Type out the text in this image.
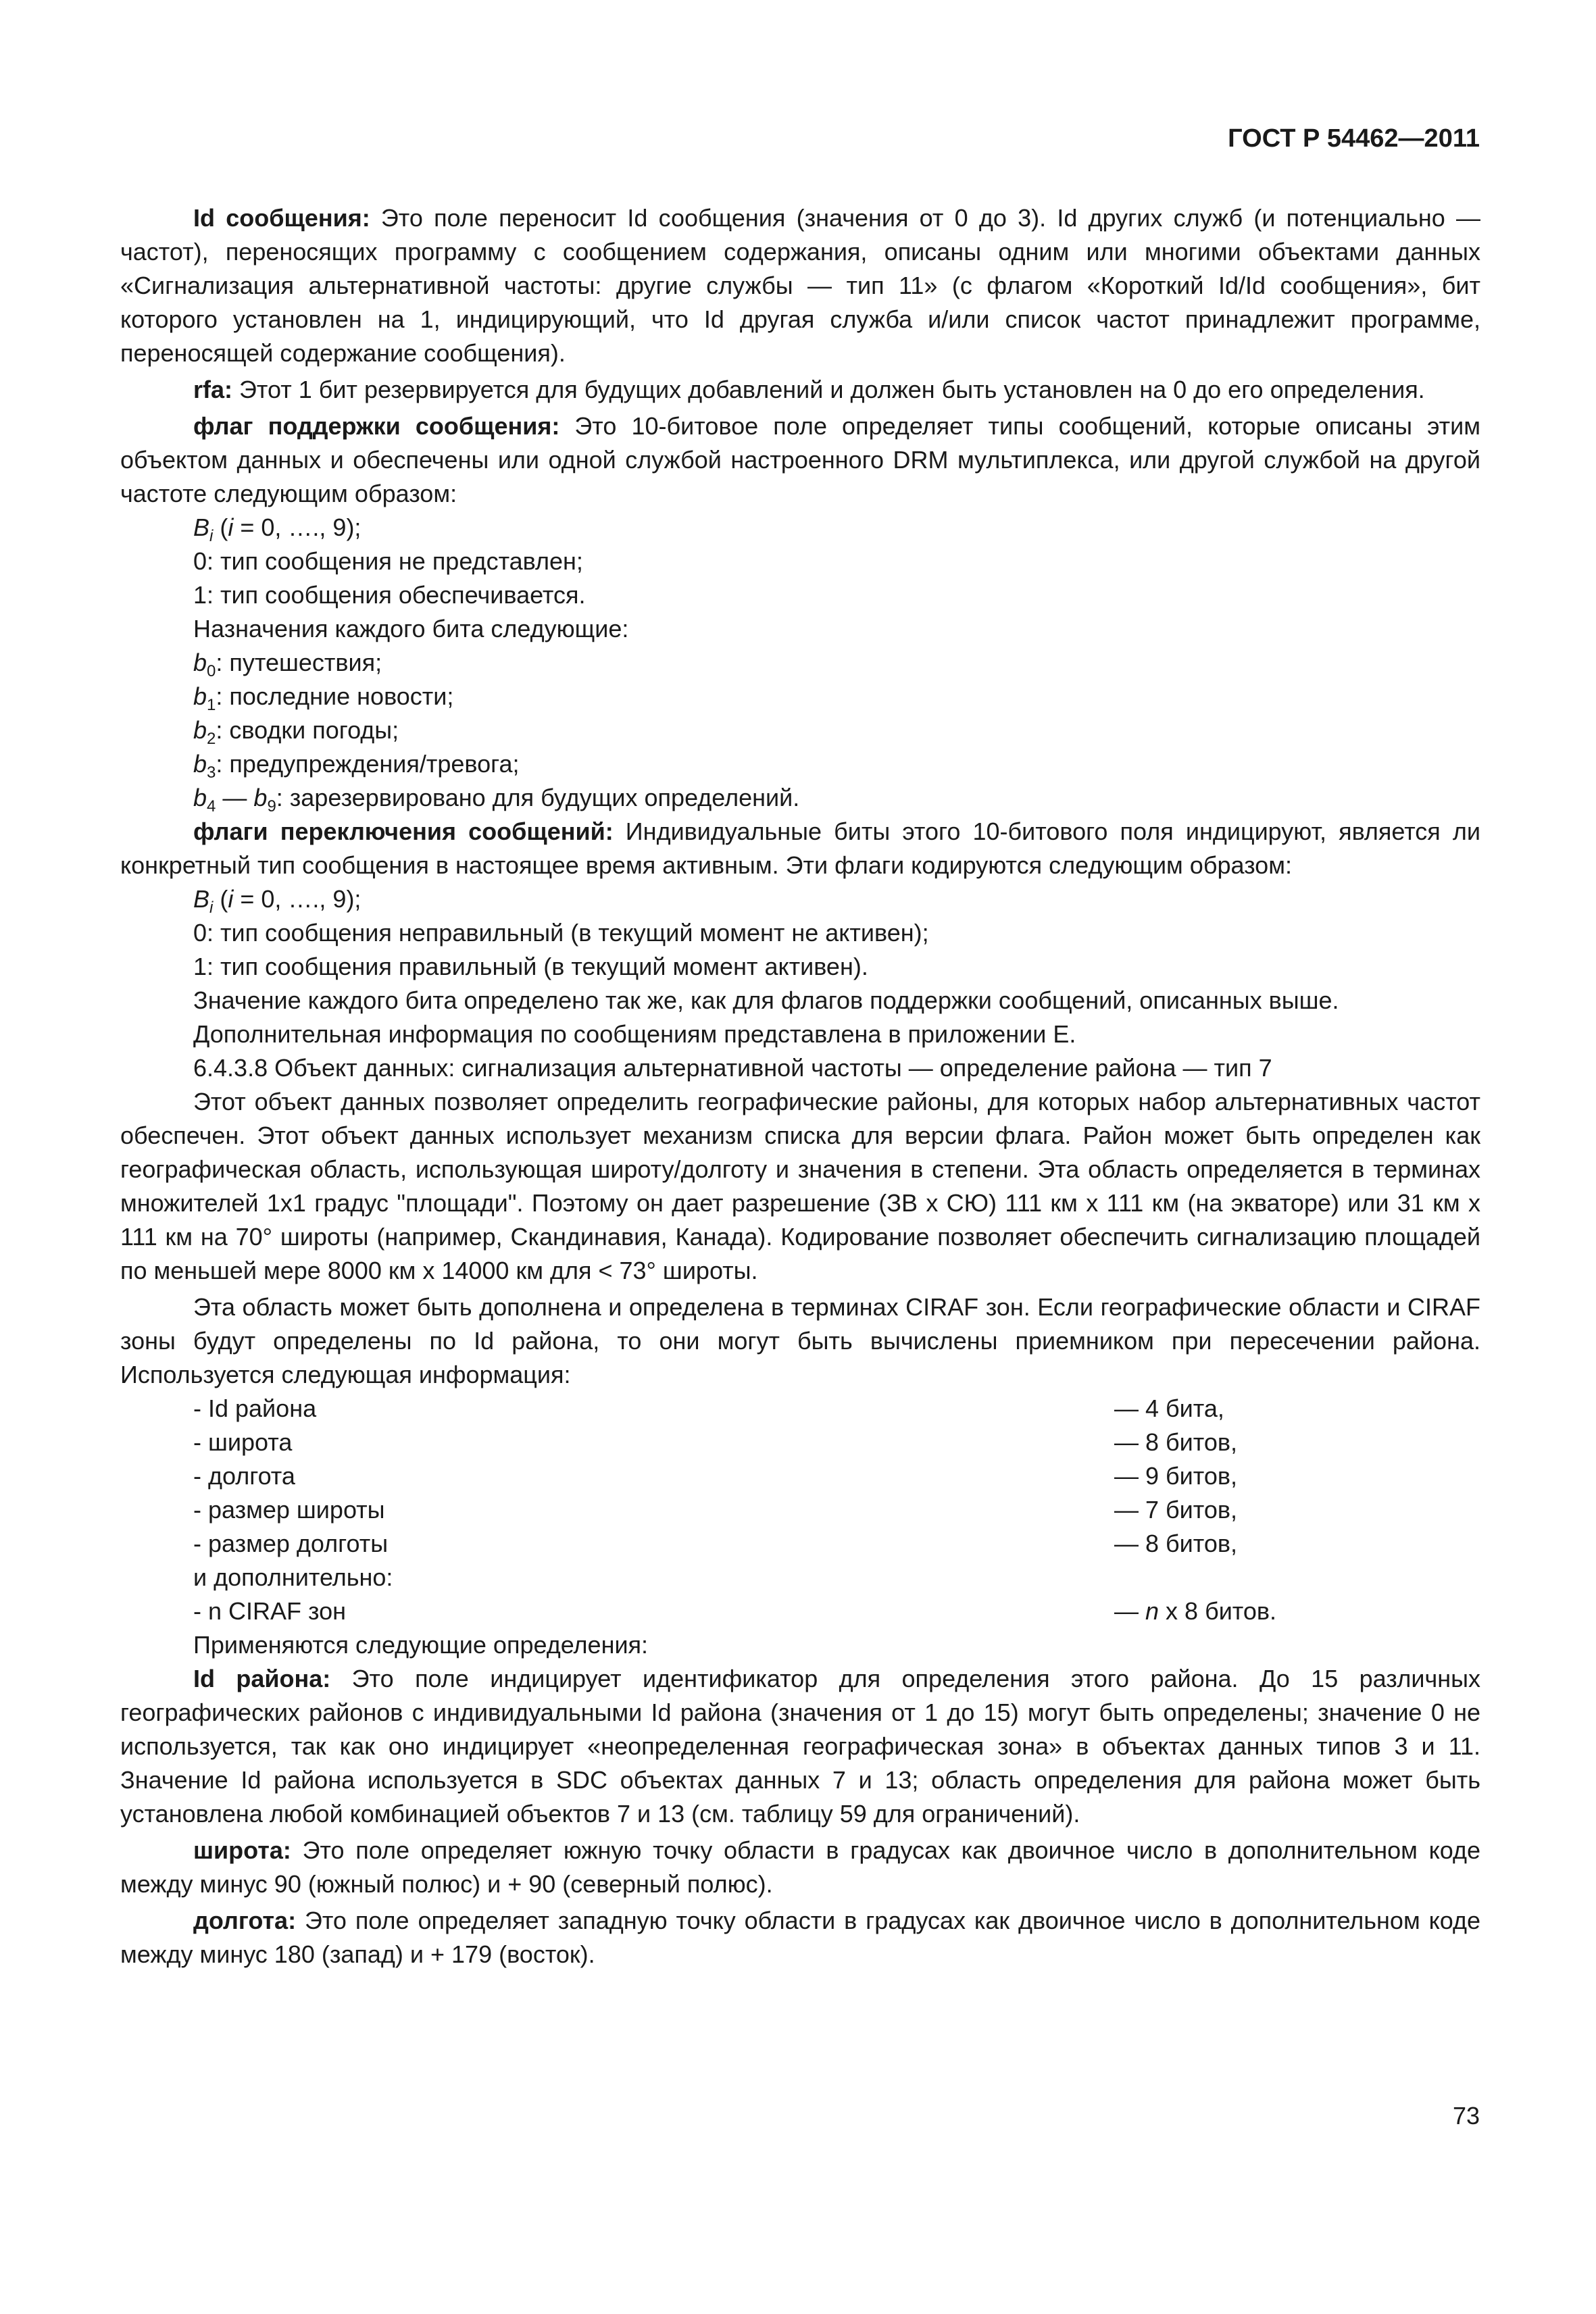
ГОСТ Р 54462—2011

Id сообщения: Это поле переносит Id сообщения (значения от 0 до 3). Id других служб (и потенциально — частот), переносящих программу с сообщением содержания, описаны одним или многими объектами данных «Сигнализация альтернативной частоты: другие службы — тип 11» (с флагом «Короткий Id/Id сообщения», бит которого установлен на 1, индицирующий, что Id другая служба и/или список частот принадлежит программе, переносящей содержание сообщения).

rfa: Этот 1 бит резервируется для будущих добавлений и должен быть установлен на 0 до его определения.

флаг поддержки сообщения: Это 10-битовое поле определяет типы сообщений, которые описаны этим объектом данных и обеспечены или одной службой настроенного DRM мультиплекса, или другой службой на другой частоте следующим образом:

$B_i$ (i = 0, …., 9);
0: тип сообщения не представлен;
1: тип сообщения обеспечивается.
Назначения каждого бита следующие:
$b_0$: путешествия;
$b_1$: последние новости;
$b_2$: сводки погоды;
$b_3$: предупреждения/тревога;
$b_4$ — $b_9$: зарезервировано для будущих определений.

флаги переключения сообщений: Индивидуальные биты этого 10-битового поля индицируют, является ли конкретный тип сообщения в настоящее время активным. Эти флаги кодируются следующим образом:

$B_i$ (i = 0, …., 9);
0: тип сообщения неправильный (в текущий момент не активен);
1: тип сообщения правильный (в текущий момент активен).
Значение каждого бита определено так же, как для флагов поддержки сообщений, описанных выше.
Дополнительная информация по сообщениям представлена в приложении Е.
6.4.3.8 Объект данных: сигнализация альтернативной частоты — определение района — тип 7

Этот объект данных позволяет определить географические районы, для которых набор альтернативных частот обеспечен. Этот объект данных использует механизм списка для версии флага. Район может быть определен как географическая область, использующая широту/долготу и значения в степени. Эта область определяется в терминах множителей 1x1 градус "площади". Поэтому он дает разрешение (ЗВ х СЮ) 111 км х 111 км (на экваторе) или 31 км х 111 км на 70° широты (например, Скандинавия, Канада). Кодирование позволяет обеспечить сигнализацию площадей по меньшей мере 8000 км х 14000 км для < 73° широты.

Эта область может быть дополнена и определена в терминах CIRAF зон. Если географические области и CIRAF зоны будут определены по Id района, то они могут быть вычислены приемником при пересечении района. Используется следующая информация:

- Id района	— 4 бита,
- широта	— 8 битов,
- долгота	— 9 битов,
- размер широты	— 7 битов,
- размер долготы	— 8 битов,
и дополнительно:
- n CIRAF зон	— n х 8 битов.
Применяются следующие определения:

Id района: Это поле индицирует идентификатор для определения этого района. До 15 различных географических районов с индивидуальными Id района (значения от 1 до 15) могут быть определены; значение 0 не используется, так как оно индицирует «неопределенная географическая зона» в объектах данных типов 3 и 11. Значение Id района используется в SDC объектах данных 7 и 13; область определения для района может быть установлена любой комбинацией объектов 7 и 13 (см. таблицу 59 для ограничений).

широта: Это поле определяет южную точку области в градусах как двоичное число в дополнительном коде между минус 90 (южный полюс) и + 90 (северный полюс).

долгота: Это поле определяет западную точку области в градусах как двоичное число в дополнительном коде между минус 180 (запад) и + 179 (восток).

73
